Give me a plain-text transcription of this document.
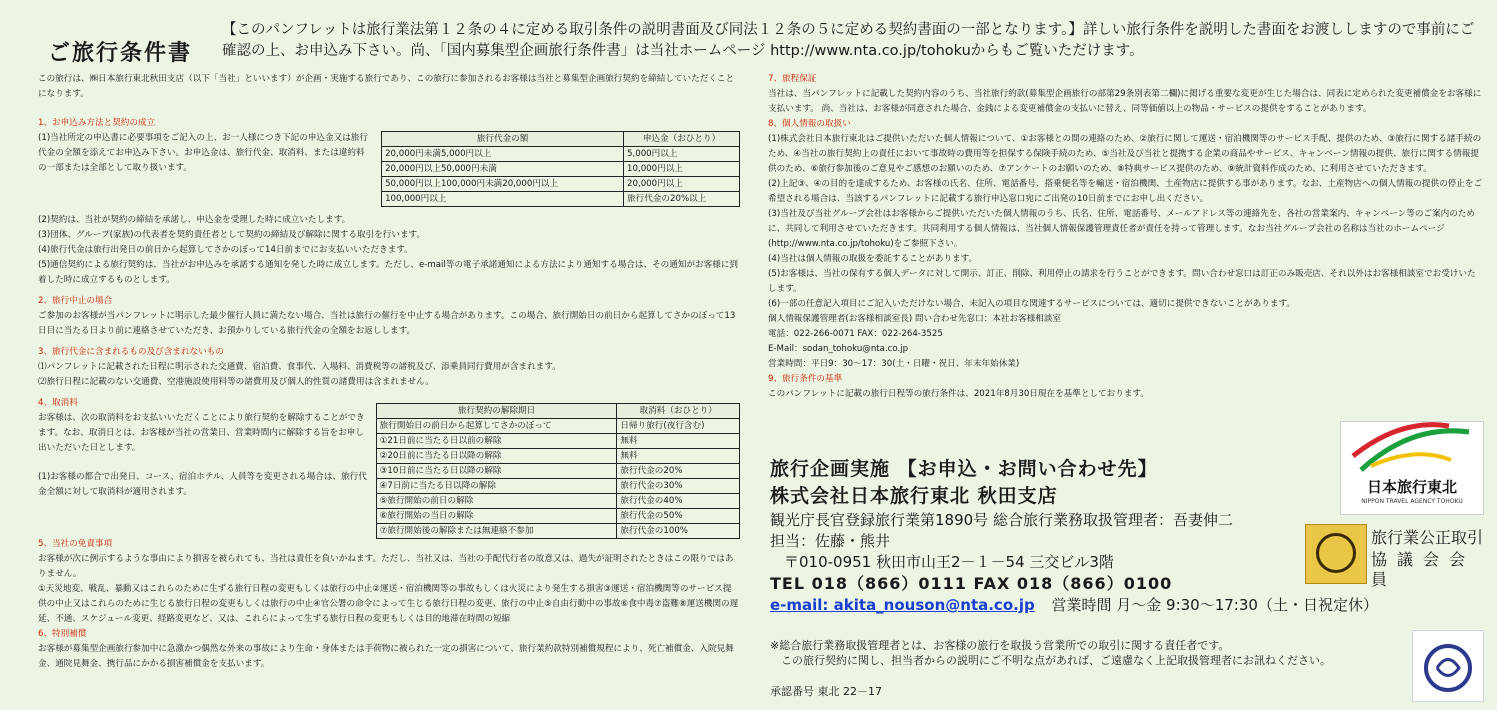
ご旅行条件書
【このパンフレットは旅行業法第１２条の４に定める取引条件の説明書面及び同法１２条の５に定める契約書面の一部となります。】詳しい旅行条件を説明した書面をお渡ししますので事前にご確認の上、お申込み下さい。尚、「国内募集型企画旅行条件書」は当社ホームページ http://www.nta.co.jp/tohokuからもご覧いただけます。
この旅行は、㈱日本旅行東北秋田支店（以下「当社」といいます）が企画・実施する旅行であり、この旅行に参加されるお客様は当社と募集型企画旅行契約を締結していただくことになります。
1、お申込み方法と契約の成立
(1)当社所定の申込書に必要事項をご記入の上、お一人様につき下記の申込金又は旅行代金の全額を添えてお申込み下さい。お申込金は、旅行代金、取消料、または違約料の一部または全部として取り扱います。
旅行代金の額	申込金（おひとり）
20,000円未満5,000円以上	5,000円以上
20,000円以上50,000円未満	10,000円以上
50,000円以上100,000円未満20,000円以上	20,000円以上
100,000円以上	旅行代金の20%以上
(2)契約は、当社が契約の締結を承諾し、申込金を受理した時に成立いたします。
(3)団体、グループ(家族)の代表者を契約責任者として契約の締結及び解除に関する取引を行います。
(4)旅行代金は旅行出発日の前日から起算してさかのぼって14日前までにお支払いいただきます。
(5)通信契約による旅行契約は、当社がお申込みを承諾する通知を発した時に成立します。ただし、e-mail等の電子承諾通知による方法により通知する場合は、その通知がお客様に到着した時に成立するものとします。
2、旅行中止の場合
ご参加のお客様が当パンフレットに明示した最少催行人員に満たない場合、当社は旅行の催行を中止する場合があります。この場合、旅行開始日の前日から起算してさかのぼって13日目に当たる日より前に連絡させていただき、お預かりしている旅行代金の全額をお返しします。
3、旅行代金に含まれるもの及び含まれないもの
⑴パンフレットに記載された日程に明示された交通費、宿泊費、食事代、入場料、消費税等の諸税及び、添乗員同行費用が含まれます。
⑵旅行日程に記載のない交通費、空港施設使用料等の諸費用及び個人的性質の諸費用は含まれません。
4、取消料
お客様は、次の取消料をお支払いいただくことにより旅行契約を解除することができます。なお、取消日とは、お客様が当社の営業日、営業時間内に解除する旨をお申し出いただいた日とします。
(1)お客様の都合で出発日、コース、宿泊ホテル、人員等を変更される場合は、旅行代金全額に対して取消料が適用されます。
旅行契約の解除期日	取消料（おひとり）
旅行開始日の前日から起算してさかのぼって	日帰り旅行(夜行含む)
①21日前に当たる日以前の解除	無料
②20日前に当たる日以降の解除	無料
③10日前に当たる日以降の解除	旅行代金の20%
④7日前に当たる日以降の解除	旅行代金の30%
⑤旅行開始の前日の解除	旅行代金の40%
⑥旅行開始の当日の解除	旅行代金の50%
⑦旅行開始後の解除または無連絡不参加	旅行代金の100%
5、当社の免責事項
お客様が次に例示するような事由により損害を被られても、当社は責任を負いかねます。ただし、当社又は、当社の手配代行者の故意又は、過失が証明されたときはこの限りではありません。
①天災地変、戦乱、暴動又はこれらのために生ずる旅行日程の変更もしくは旅行の中止②運送・宿泊機関等の事故もしくは火災により発生する損害③運送・宿泊機関等のサービス提供の中止又はこれらのために生じる旅行日程の変更もしくは旅行の中止④官公署の命令によって生じる旅行日程の変更、旅行の中止⑤自由行動中の事故⑥食中毒⑦盗難⑧運送機関の遅延、不通、スケジュール変更、経路変更など、又は、これらによって生ずる旅行日程の変更もしくは目的地滞在時間の短縮
6、特別補償
お客様が募集型企画旅行参加中に急激かつ偶然な外来の事故により生命・身体または手荷物に被られた一定の損害について、旅行業約款特別補償規程により、死亡補償金、入院見舞金、通院見舞金、携行品にかかる損害補償金を支払います。
7、旅程保証
当社は、当パンフレットに記載した契約内容のうち、当社旅行約款(募集型企画旅行の部第29条別表第二欄)に掲げる重要な変更が生じた場合は、同表に定められた変更補償金をお客様に支払います。 尚、当社は、お客様が同意された場合、金銭による変更補償金の支払いに替え、同等価値以上の物品・サービスの提供をすることがあります。
8、個人情報の取扱い
(1)株式会社日本旅行東北はご提供いただいた個人情報について、①お客様との間の連絡のため、②旅行に関して運送・宿泊機関等のサービス手配、提供のため、③旅行に関する諸手続のため、④当社の旅行契約上の責任において事故時の費用等を担保する保険手続のため、⑤当社及び当社と提携する企業の商品やサービス、キャンペーン情報の提供、旅行に関する情報提供のため、⑥旅行参加後のご意見やご感想のお願いのため、⑦アンケートのお願いのため、⑧特典サービス提供のため、⑨統計資料作成のため、に利用させていただきます。
(2)上記③、④の目的を達成するため、お客様の氏名、住所、電話番号、搭乗便名等を輸送・宿泊機関、土産物店に提供する事があります。なお、土産物店への個人情報の提供の停止をご希望される場合は、当該するパンフレットに記載する旅行申込窓口宛にご出発の10日前までにお申し出ください。
(3)当社及び当社グループ会社はお客様からご提供いただいた個人情報のうち、氏名、住所、電話番号、メールアドレス等の連絡先を、各社の営業案内、キャンペーン等のご案内のために、共同して利用させていただきます。共同利用する個人情報は、当社個人情報保護管理責任者が責任を持って管理します。なお当社グループ会社の名称は当社のホームページ(http://www.nta.co.jp/tohoku)をご参照下さい。
(4)当社は個人情報の取扱を委託することがあります。
(5)お客様は、当社の保有する個人データに対して開示、訂正、削除、利用停止の請求を行うことができます。問い合わせ窓口は訂正のみ販売店、それ以外はお客様相談室でお受けいたします。
(6)一部の任意記入項目にご記入いただけない場合、未記入の項目な関連するサービスについては、適切に提供できないことがあります。
個人情報保護管理者(お客様相談室長) 問い合わせ先窓口：本社お客様相談室
電話：022-266-0071 FAX：022-264-3525
E-Mail：sodan_tohoku@nta.co.jp
営業時間：平日9：30～17：30(土・日曜・祝日、年末年始休業)
9、旅行条件の基準
このパンフレットに記載の旅行日程等の旅行条件は、2021年8月30日現在を基準としております。
旅行企画実施 【お申込・お問い合わせ先】
株式会社日本旅行東北 秋田支店
観光庁長官登録旅行業第1890号 総合旅行業務取扱管理者：吾妻伸二
担当：佐藤・熊井
〒010-0951 秋田市山王2－１－54 三交ビル3階
TEL 018（866）0111 FAX 018（866）0100
e-mail: akita_nouson@nta.co.jp 営業時間 月～金 9:30～17:30（土・日祝定休）
日本旅行東北
NIPPON TRAVEL AGENCY TOHOKU
旅行業公正取引
協議会会員
※総合旅行業務取扱管理者とは、お客様の旅行を取扱う営業所での取引に関する責任者です。
この旅行契約に関し、担当者からの説明にご不明な点があれば、ご遠慮なく上記取扱管理者にお訊ねください。
承認番号 東北 22－17
